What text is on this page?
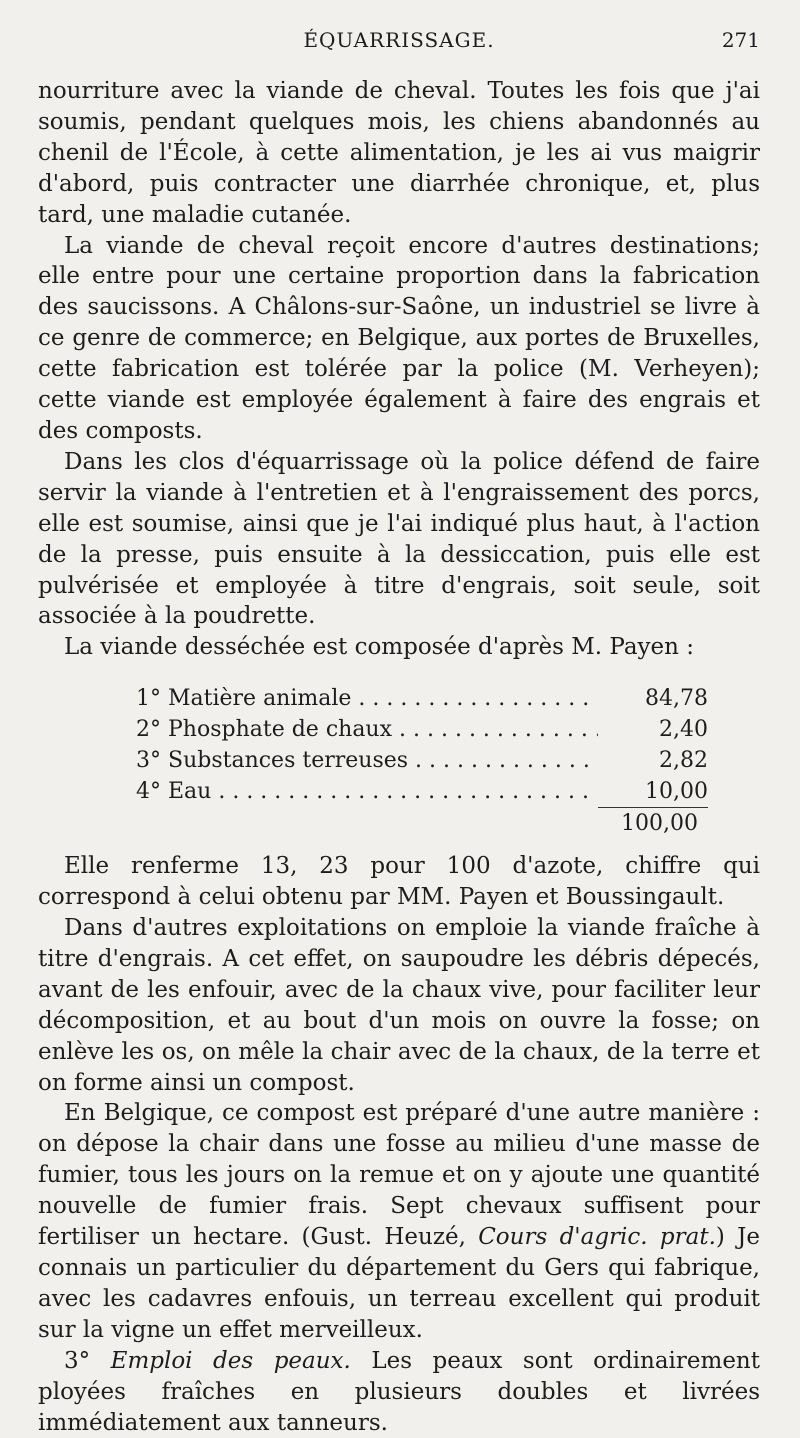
ÉQUARRISSAGE.	271

nourriture avec la viande de cheval. Toutes les fois que j'ai soumis, pendant quelques mois, les chiens abandonnés au chenil de l'École, à cette alimentation, je les ai vus maigrir d'abord, puis contracter une diarrhée chronique, et, plus tard, une maladie cutanée.

La viande de cheval reçoit encore d'autres destinations; elle entre pour une certaine proportion dans la fabrication des saucissons. A Châlons-sur-Saône, un industriel se livre à ce genre de commerce; en Belgique, aux portes de Bruxelles, cette fabrication est tolérée par la police (M. Verheyen); cette viande est employée également à faire des engrais et des composts.

Dans les clos d'équarrissage où la police défend de faire servir la viande à l'entretien et à l'engraissement des porcs, elle est soumise, ainsi que je l'ai indiqué plus haut, à l'action de la presse, puis ensuite à la dessiccation, puis elle est pulvérisée et employée à titre d'engrais, soit seule, soit associée à la poudrette.

La viande desséchée est composée d'après M. Payen :

1° Matière animale . . .	84,78
2° Phosphate de chaux . . .	2,40
3° Substances terreuses . . .	2,82
4° Eau . . .	10,00
100,00

Elle renferme 13, 23 pour 100 d'azote, chiffre qui correspond à celui obtenu par MM. Payen et Boussingault.

Dans d'autres exploitations on emploie la viande fraîche à titre d'engrais. A cet effet, on saupoudre les débris dépecés, avant de les enfouir, avec de la chaux vive, pour faciliter leur décomposition, et au bout d'un mois on ouvre la fosse; on enlève les os, on mêle la chair avec de la chaux, de la terre et on forme ainsi un compost.

En Belgique, ce compost est préparé d'une autre manière : on dépose la chair dans une fosse au milieu d'une masse de fumier, tous les jours on la remue et on y ajoute une quantité nouvelle de fumier frais. Sept chevaux suffisent pour fertiliser un hectare. (Gust. Heuzé, Cours d'agric. prat.) Je connais un particulier du département du Gers qui fabrique, avec les cadavres enfouis, un terreau excellent qui produit sur la vigne un effet merveilleux.

3° Emploi des peaux. Les peaux sont ordinairement ployées fraîches en plusieurs doubles et livrées immédiatement aux tanneurs.
